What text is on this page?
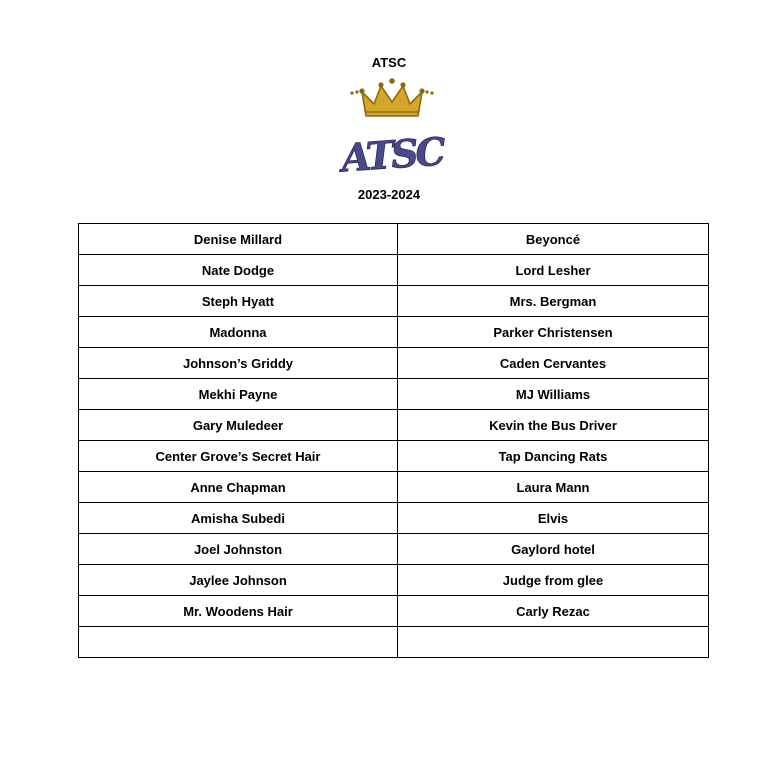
ATSC
ATSC
2023-2024
Denise Millard	Beyoncé
Nate Dodge	Lord Lesher
Steph Hyatt	Mrs. Bergman
Madonna	Parker Christensen
Johnson’s Griddy	Caden Cervantes
Mekhi Payne	MJ Williams
Gary Muledeer	Kevin the Bus Driver
Center Grove’s Secret Hair	Tap Dancing Rats
Anne Chapman	Laura Mann
Amisha Subedi	Elvis
Joel Johnston	Gaylord hotel
Jaylee Johnson	Judge from glee
Mr. Woodens Hair	Carly Rezac
